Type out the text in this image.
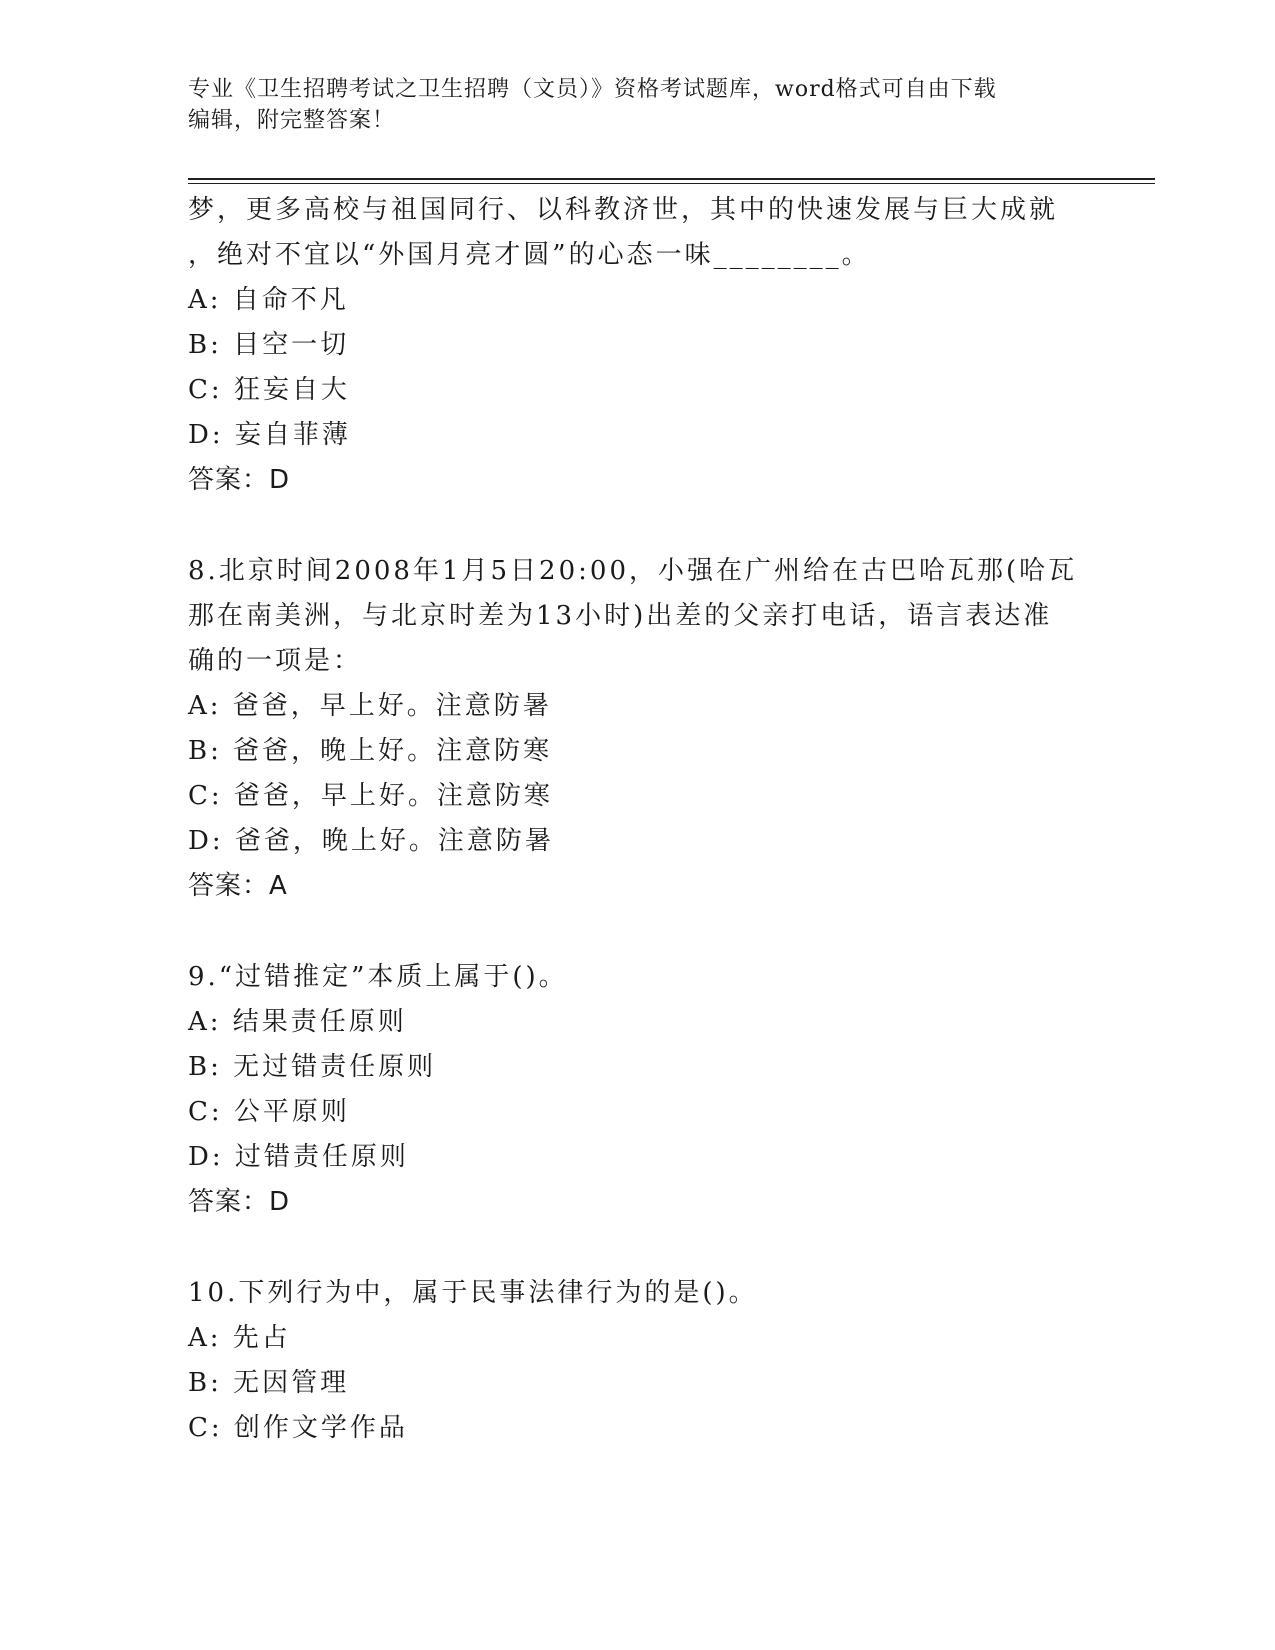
专业《卫生招聘考试之卫生招聘（文员）》资格考试题库，word格式可自由下载
编辑，附完整答案！
梦，更多高校与祖国同行、以科教济世，其中的快速发展与巨大成就
，绝对不宜以“外国月亮才圆”的心态一味________。
A: 自命不凡
B: 目空一切
C: 狂妄自大
D: 妄自菲薄
答案：D
8.北京时间2008年1月5日20:00，小强在广州给在古巴哈瓦那(哈瓦
那在南美洲，与北京时差为13小时)出差的父亲打电话，语言表达准
确的一项是：
A: 爸爸，早上好。注意防暑
B: 爸爸，晚上好。注意防寒
C: 爸爸，早上好。注意防寒
D: 爸爸，晚上好。注意防暑
答案：A
9.“过错推定”本质上属于()。
A: 结果责任原则
B: 无过错责任原则
C: 公平原则
D: 过错责任原则
答案：D
10.下列行为中，属于民事法律行为的是()。
A: 先占
B: 无因管理
C: 创作文学作品
